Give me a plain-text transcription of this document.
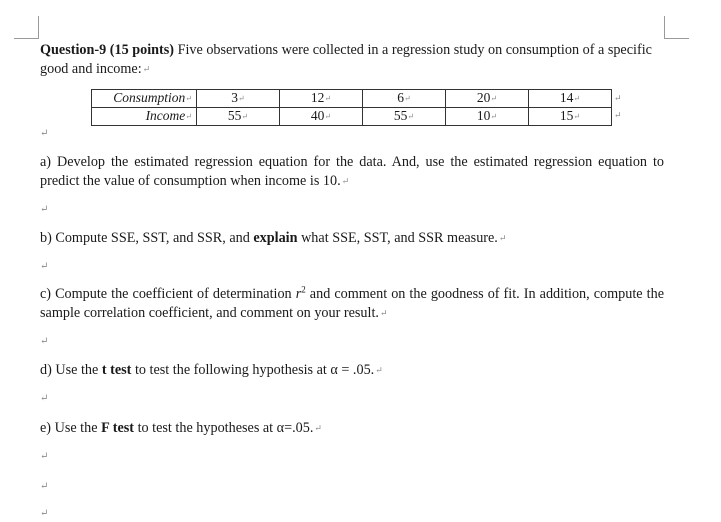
Question-9 (15 points) Five observations were collected in a regression study on consumption of a specific good and income:↵
Consumption↵	3↵	12↵	6↵	20↵	14↵
Income↵	55↵	40↵	55↵	10↵	15↵
↵
↵
↵
a) Develop the estimated regression equation for the data. And, use the estimated regression equation to predict the value of consumption when income is 10.↵
↵
b) Compute SSE, SST, and SSR, and explain what SSE, SST, and SSR measure.↵
↵
c) Compute the coefficient of determination $r^2$ and comment on the goodness of fit. In addition, compute the sample correlation coefficient, and comment on your result.↵
↵
d) Use the t test to test the following hypothesis at α = .05.↵
↵
e) Use the F test to test the hypotheses at α=.05.↵
↵
↵
↵
